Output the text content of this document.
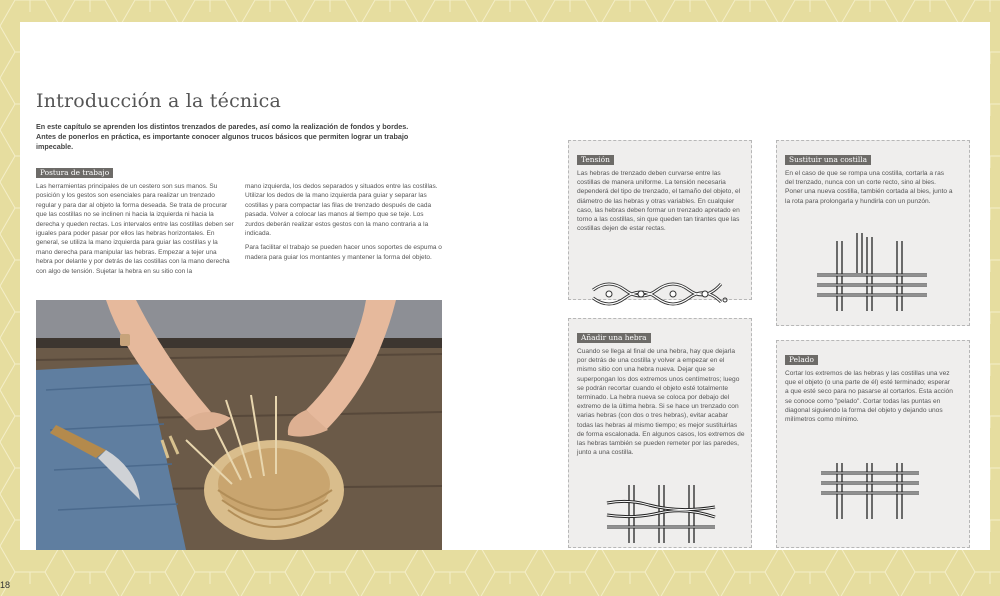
18
Introducción a la técnica

En este capítulo se aprenden los distintos trenzados de paredes, así como la realización de fondos y bordes. Antes de ponerlos en práctica, es importante conocer algunos trucos básicos que permiten lograr un trabajo impecable.

Postura de trabajo

Las herramientas principales de un cestero son sus manos. Su posición y los gestos son esenciales para realizar un trenzado regular y para dar al objeto la forma deseada. Se trata de procurar que las costillas no se inclinen ni hacia la izquierda ni hacia la derecha y queden rectas. Los intervalos entre las costillas deben ser iguales para poder pasar por ellos las hebras horizontales. En general, se utiliza la mano izquierda para guiar las costillas y la mano derecha para manipular las hebras. Empezar a tejer una hebra por delante y por detrás de las costillas con la mano derecha con algo de tensión. Sujetar la hebra en su sitio con la

mano izquierda, los dedos separados y situados entre las costillas. Utilizar los dedos de la mano izquierda para guiar y separar las costillas y para compactar las filas de trenzado después de cada pasada. Volver a colocar las manos al tiempo que se teje. Los zurdos deberán realizar estos gestos con la mano contraria a la indicada.

Para facilitar el trabajo se pueden hacer unos soportes de espuma o madera para guiar los montantes y mantener la forma del objeto.

Tensión

Las hebras de trenzado deben curvarse entre las costillas de manera uniforme. La tensión necesaria dependerá del tipo de trenzado, el tamaño del objeto, el diámetro de las hebras y otras variables. En cualquier caso, las hebras deben formar un trenzado apretado en torno a las costillas, sin que queden tan tirantes que las costillas dejen de estar rectas.

Sustituir una costilla

En el caso de que se rompa una costilla, cortarla a ras del trenzado, nunca con un corte recto, sino al bies. Poner una nueva costilla, también cortada al bies, junto a la rota para prolongarla y hundirla con un punzón.

Añadir una hebra

Cuando se llega al final de una hebra, hay que dejarla por detrás de una costilla y volver a empezar en el mismo sitio con una hebra nueva. Dejar que se superpongan los dos extremos unos centímetros; luego se podrán recortar cuando el objeto esté totalmente terminado. La hebra nueva se coloca por debajo del extremo de la última hebra. Si se hace un trenzado con varias hebras (con dos o tres hebras), evitar acabar todas las hebras al mismo tiempo; es mejor sustituirlas de forma escalonada. En algunos casos, los extremos de las hebras también se pueden remeter por las paredes, junto a una costilla.

Pelado

Cortar los extremos de las hebras y las costillas una vez que el objeto (o una parte de él) esté terminado; esperar a que esté seco para no pasarse al cortarlos. Esta acción se conoce como "pelado". Cortar todas las puntas en diagonal siguiendo la forma del objeto y dejando unos milímetros como mínimo.
